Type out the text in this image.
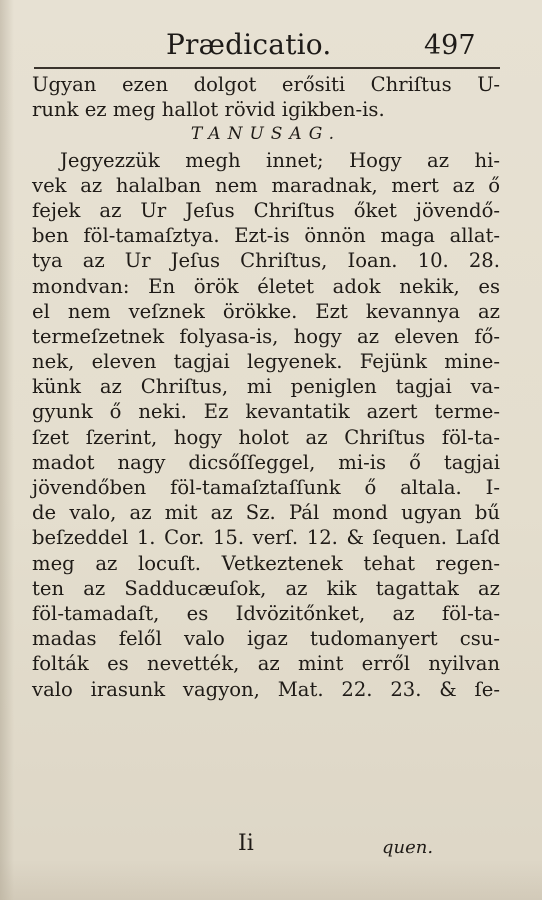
Prædicatio.	497
Ugyan ezen dolgot erősiti Chriſtus U-
runk ez meg hallot rövid igikben-is.
TANUSAG.
Jegyezzük megh innet; Hogy az hi-
vek az halalban nem maradnak, mert az ő
fejek az Ur Jeſus Chriſtus őket jövendő-
ben föl-tamaſztya. Ezt-is önnön maga allat-
tya az Ur Jeſus Chriſtus, Ioan. 10. 28.
mondvan: En örök életet adok nekik, es
el nem veſznek örökke. Ezt kevannya az
termeſzetnek folyasa-is, hogy az eleven fő-
nek, eleven tagjai legyenek. Fejünk mine-
künk az Chriſtus, mi peniglen tagjai va-
gyunk ő neki. Ez kevantatik azert terme-
ſzet ſzerint, hogy holot az Chriſtus föl-ta-
madot nagy dicsőſſeggel, mi-is ő tagjai
jövendőben föl-tamaſztaſſunk ő altala. I-
de valo, az mit az Sz. Pál mond ugyan bű
beſzeddel 1. Cor. 15. verſ. 12. & ſequen. Laſd
meg az locuſt. Vetkeztenek tehat regen-
ten az Sadducæuſok, az kik tagattak az
föl-tamadaſt, es Idvözitőnket, az föl-ta-
madas felől valo igaz tudomanyert csu-
folták es nevették, az mint erről nyilvan
valo irasunk vagyon, Mat. 22. 23. & ſe-
Ii	quen.
